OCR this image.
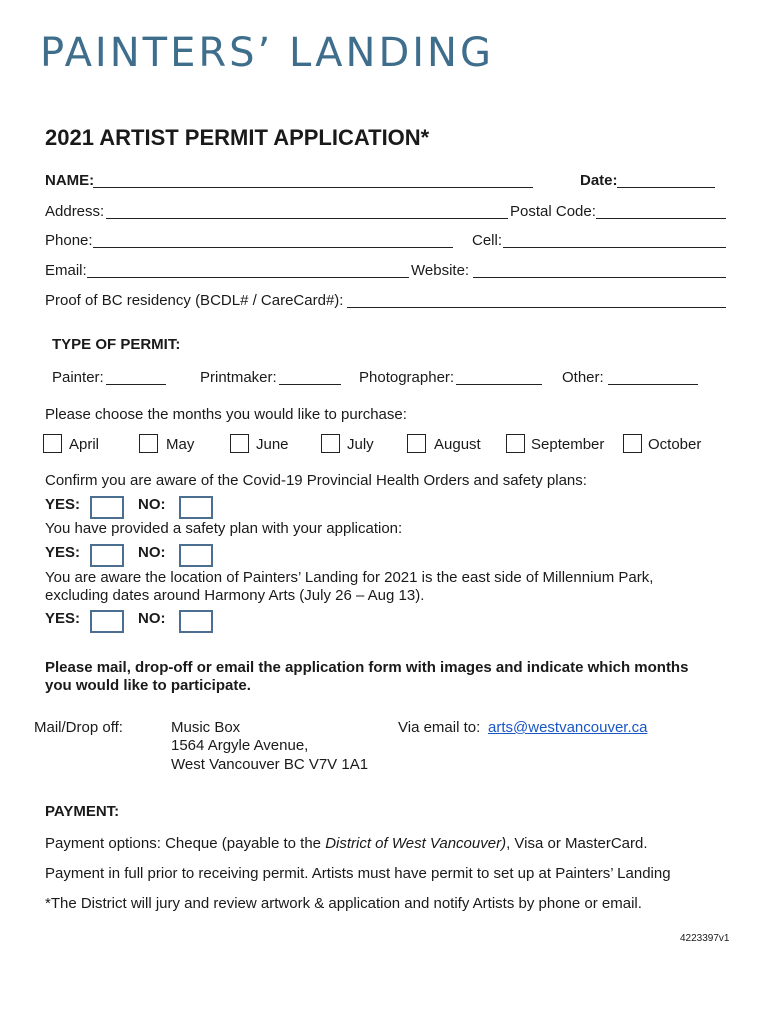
PAINTERS’ LANDING
2021 ARTIST PERMIT APPLICATION*
NAME:	Date:
Address:	Postal Code:
Phone:	Cell:
Email:	Website:
Proof of BC residency (BCDL# / CareCard#):
TYPE OF PERMIT:
Painter:	Printmaker:	Photographer:	Other:
Please choose the months you would like to purchase:
April	May	June	July	August	September	October
Confirm you are aware of the Covid-19 Provincial Health Orders and safety plans:
YES:	NO:
You have provided a safety plan with your application:
YES:	NO:
You are aware the location of Painters’ Landing for 2021 is the east side of Millennium Park,
excluding dates around Harmony Arts (July 26 – Aug 13).
YES:	NO:
Please mail, drop-off or email the application form with images and indicate which months
you would like to participate.
Mail/Drop off:	Music Box
1564 Argyle Avenue,
West Vancouver BC V7V 1A1
Via email to: arts@westvancouver.ca
PAYMENT:
Payment options: Cheque (payable to the District of West Vancouver), Visa or MasterCard.
Payment in full prior to receiving permit. Artists must have permit to set up at Painters’ Landing
*The District will jury and review artwork & application and notify Artists by phone or email.
4223397v1
